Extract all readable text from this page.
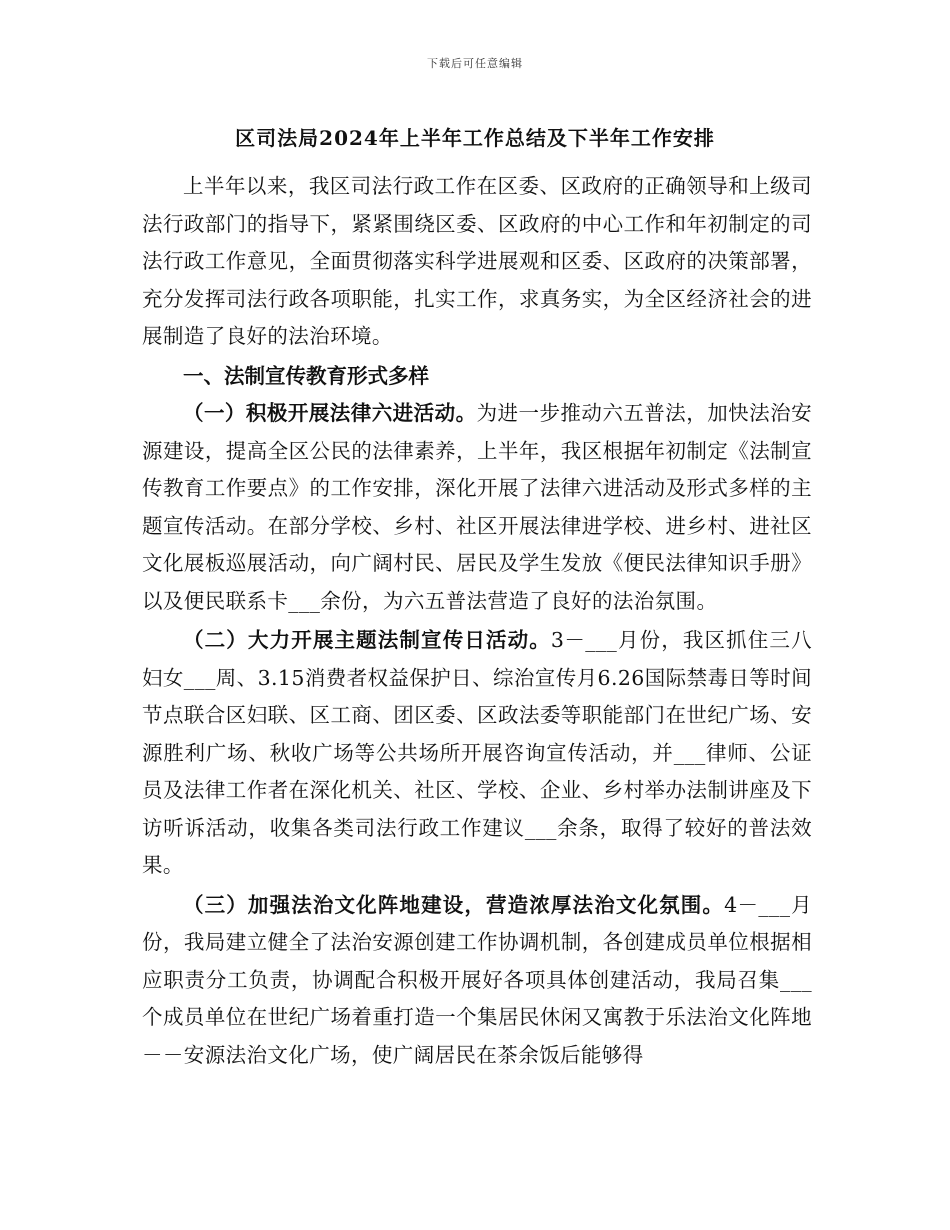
下载后可任意编辑
区司法局2024年上半年工作总结及下半年工作安排

上半年以来，我区司法行政工作在区委、区政府的正确领导和上级司法行政部门的指导下，紧紧围绕区委、区政府的中心工作和年初制定的司法行政工作意见，全面贯彻落实科学进展观和区委、区政府的决策部署，充分发挥司法行政各项职能，扎实工作，求真务实，为全区经济社会的进展制造了良好的法治环境。

一、法制宣传教育形式多样

（一）积极开展法律六进活动。为进一步推动六五普法，加快法治安源建设，提高全区公民的法律素养，上半年，我区根据年初制定《法制宣传教育工作要点》的工作安排，深化开展了法律六进活动及形式多样的主题宣传活动。在部分学校、乡村、社区开展法律进学校、进乡村、进社区文化展板巡展活动，向广阔村民、居民及学生发放《便民法律知识手册》以及便民联系卡___余份，为六五普法营造了良好的法治氛围。

（二）大力开展主题法制宣传日活动。3－___月份，我区抓住三八妇女___周、3.15消费者权益保护日、综治宣传月6.26国际禁毒日等时间节点联合区妇联、区工商、团区委、区政法委等职能部门在世纪广场、安源胜利广场、秋收广场等公共场所开展咨询宣传活动，并___律师、公证员及法律工作者在深化机关、社区、学校、企业、乡村举办法制讲座及下访听诉活动，收集各类司法行政工作建议___余条，取得了较好的普法效果。

（三）加强法治文化阵地建设，营造浓厚法治文化氛围。4－___月份，我局建立健全了法治安源创建工作协调机制，各创建成员单位根据相应职责分工负责，协调配合积极开展好各项具体创建活动，我局召集___个成员单位在世纪广场着重打造一个集居民休闲又寓教于乐法治文化阵地－－安源法治文化广场，使广阔居民在茶余饭后能够得
